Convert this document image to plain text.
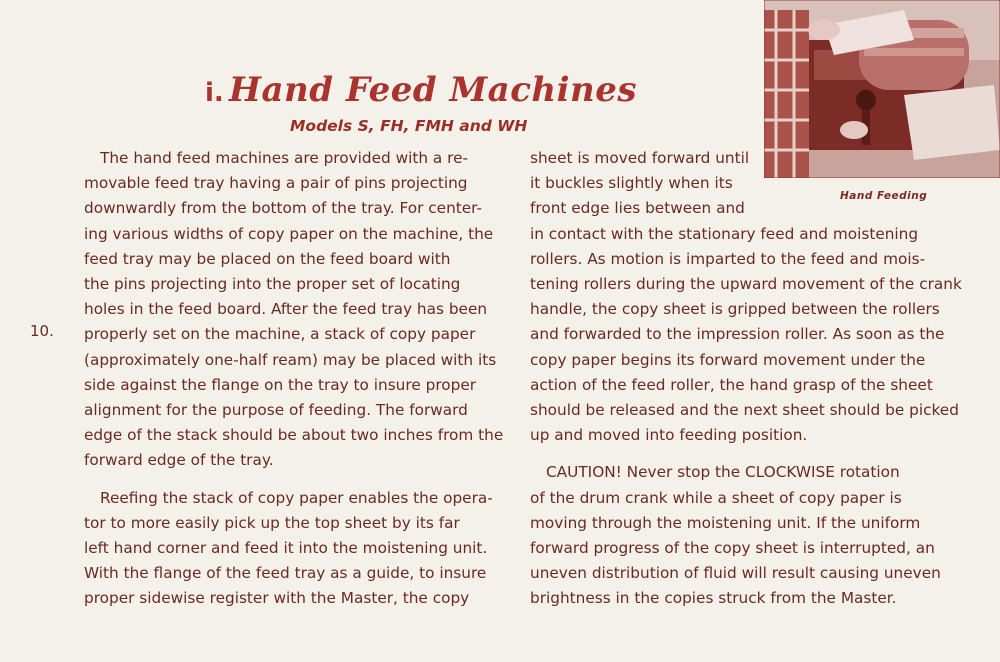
i. Hand Feed Machines
Models S, FH, FMH and WH
10.
Hand Feeding

The hand feed machines are provided with a re-
movable feed tray having a pair of pins projecting
downwardly from the bottom of the tray. For center-
ing various widths of copy paper on the machine, the
feed tray may be placed on the feed board with
the pins projecting into the proper set of locating
holes in the feed board. After the feed tray has been
properly set on the machine, a stack of copy paper
(approximately one-half ream) may be placed with its
side against the flange on the tray to insure proper
alignment for the purpose of feeding. The forward
edge of the stack should be about two inches from the
forward edge of the tray.

Reefing the stack of copy paper enables the opera-
tor to more easily pick up the top sheet by its far
left hand corner and feed it into the moistening unit.
With the flange of the feed tray as a guide, to insure
proper sidewise register with the Master, the copy

sheet is moved forward until
it buckles slightly when its
front edge lies between and
in contact with the stationary feed and moistening
rollers. As motion is imparted to the feed and mois-
tening rollers during the upward movement of the crank
handle, the copy sheet is gripped between the rollers
and forwarded to the impression roller. As soon as the
copy paper begins its forward movement under the
action of the feed roller, the hand grasp of the sheet
should be released and the next sheet should be picked
up and moved into feeding position.

CAUTION! Never stop the CLOCKWISE rotation
of the drum crank while a sheet of copy paper is
moving through the moistening unit. If the uniform
forward progress of the copy sheet is interrupted, an
uneven distribution of fluid will result causing uneven
brightness in the copies struck from the Master.
